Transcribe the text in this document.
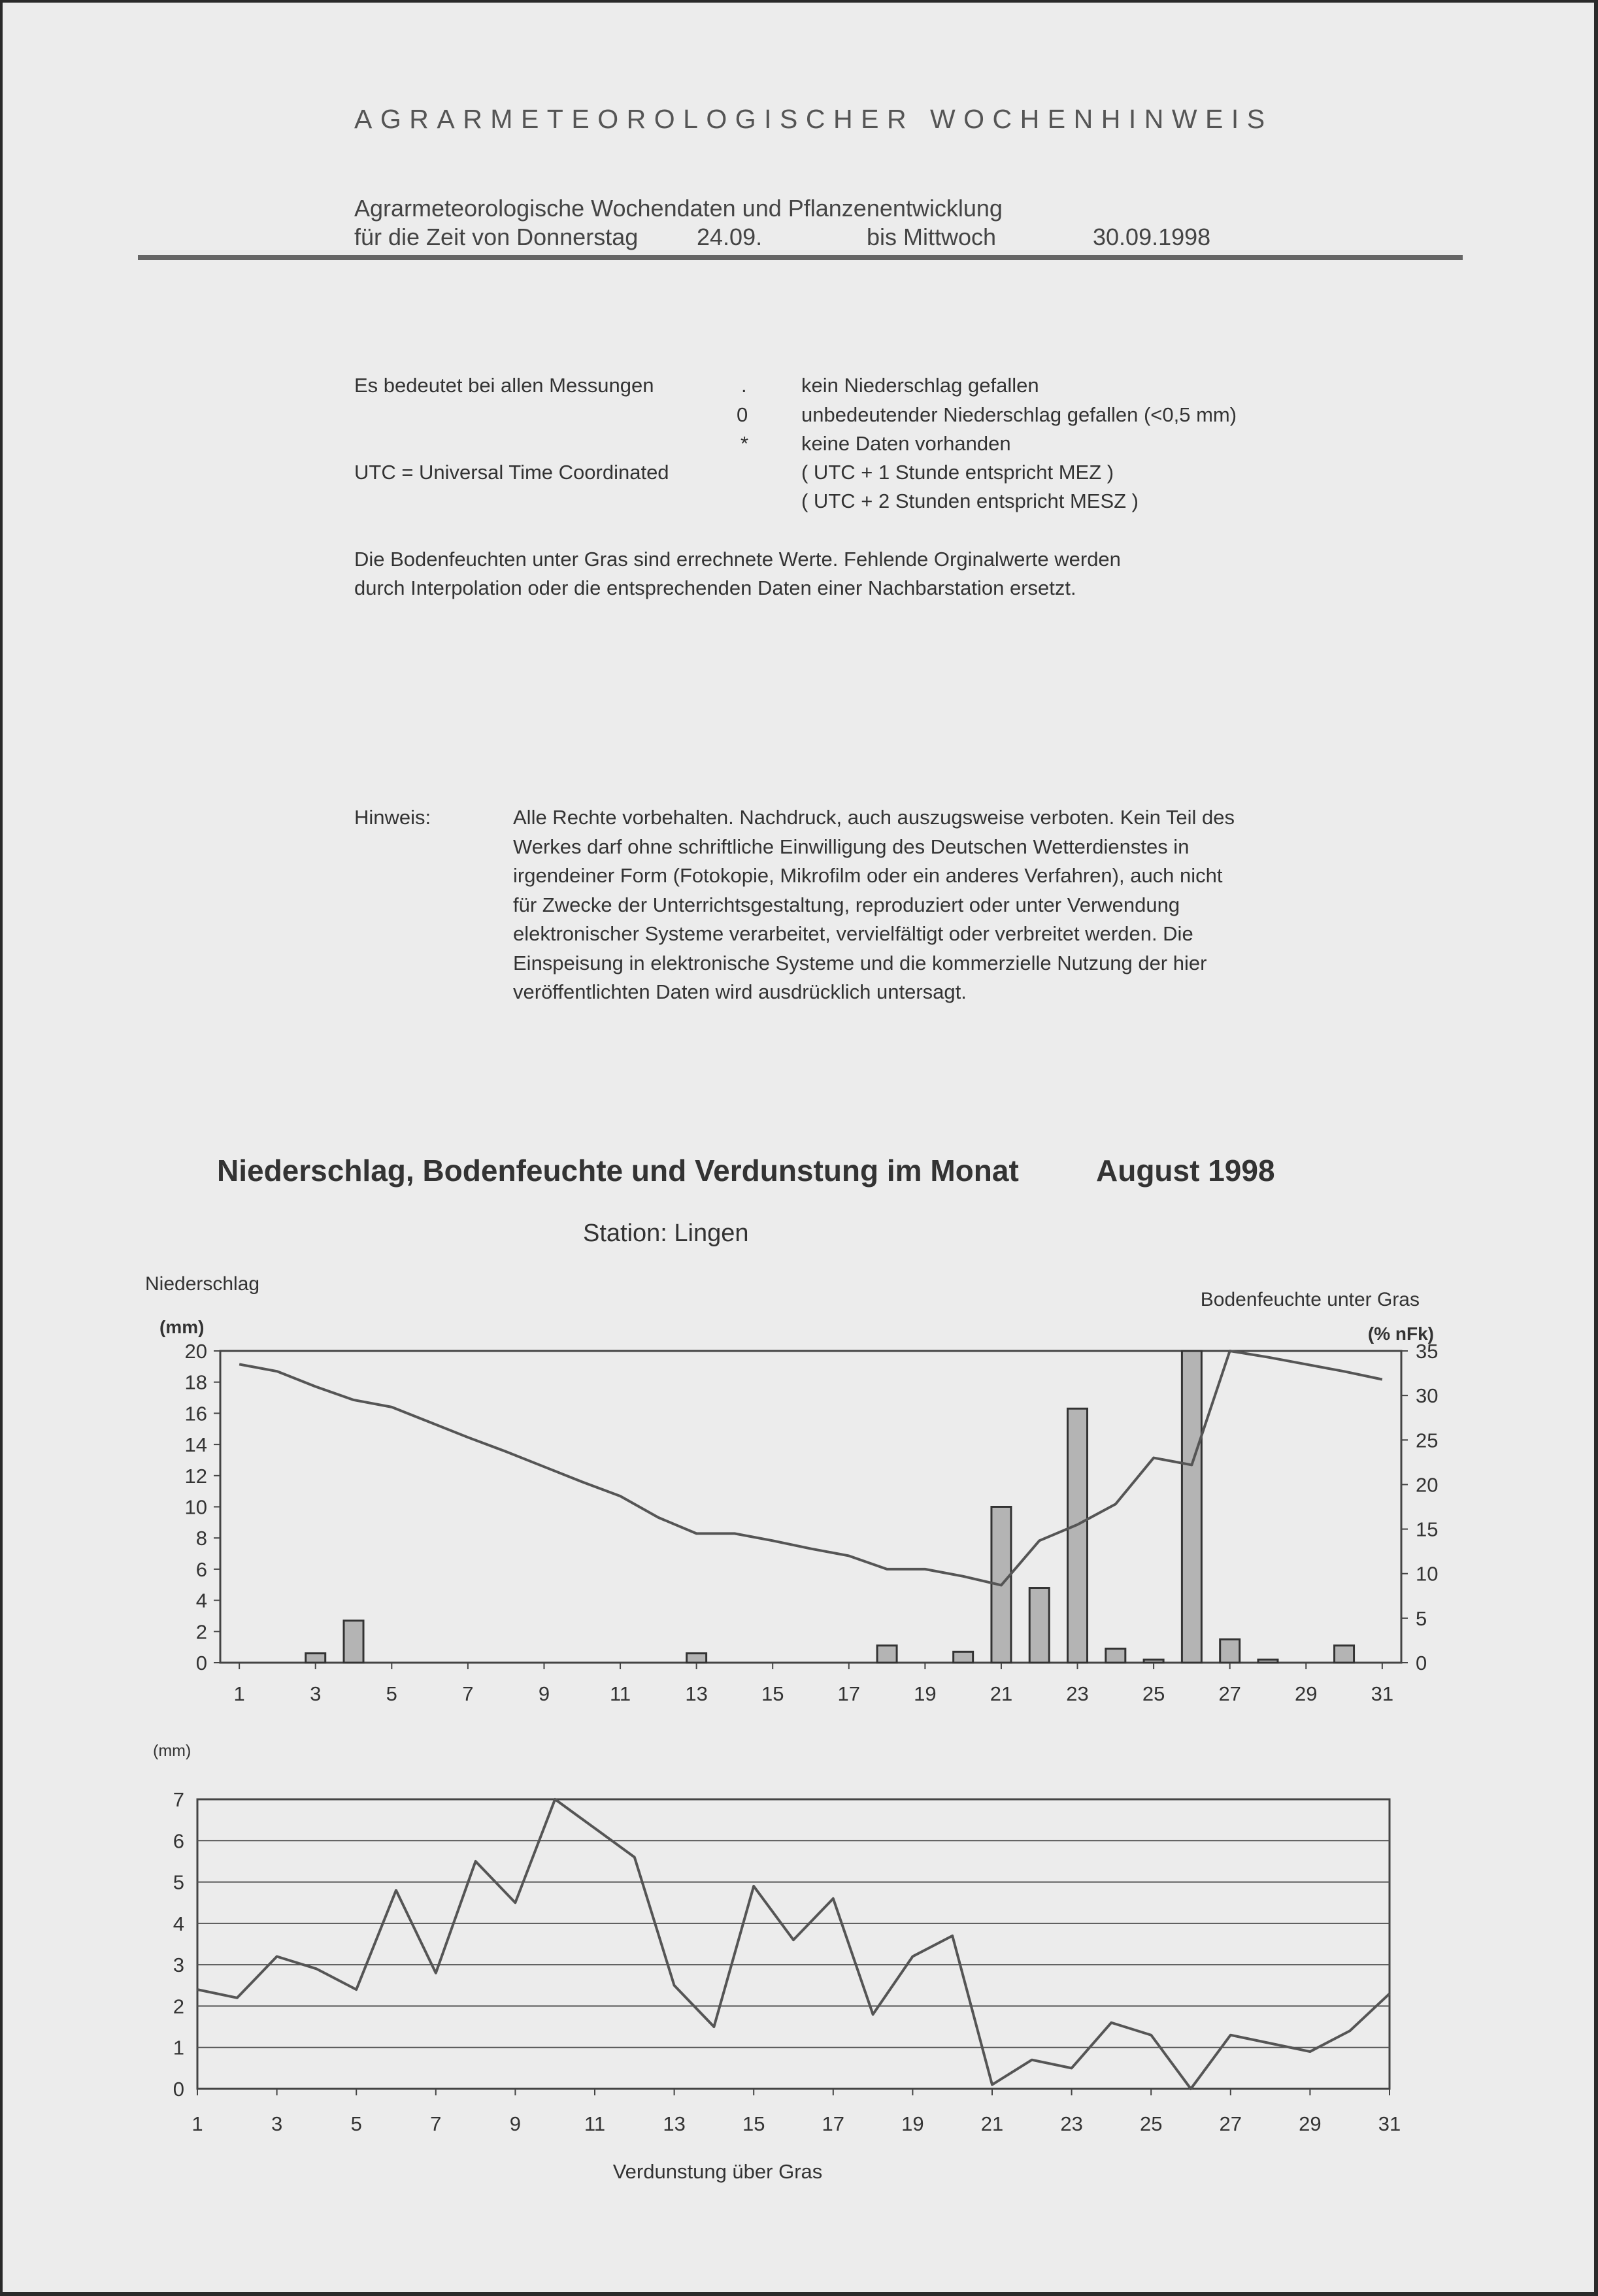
AGRARMETEOROLOGISCHER WOCHENHINWEIS
Agrarmeteorologische Wochendaten und Pflanzenentwicklung
für die Zeit von Donnerstag 24.09.	bis Mittwoch	30.09.1998
Es bedeutet bei allen Messungen	.	kein Niederschlag gefallen
0	unbedeutender Niederschlag gefallen (<0,5 mm)
*	keine Daten vorhanden
UTC = Universal Time Coordinated	( UTC + 1 Stunde entspricht MEZ )
( UTC + 2 Stunden entspricht MESZ )
Die Bodenfeuchten unter Gras sind errechnete Werte. Fehlende Orginalwerte werden
durch Interpolation oder die entsprechenden Daten einer Nachbarstation ersetzt.
Hinweis:	Alle Rechte vorbehalten. Nachdruck, auch auszugsweise verboten. Kein Teil des Werkes darf ohne schriftliche Einwilligung des Deutschen Wetterdienstes in irgendeiner Form (Fotokopie, Mikrofilm oder ein anderes Verfahren), auch nicht für Zwecke der Unterrichtsgestaltung, reproduziert oder unter Verwendung elektronischer Systeme verarbeitet, vervielfältigt oder verbreitet werden. Die Einspeisung in elektronische Systeme und die kommerzielle Nutzung der hier veröffentlichten Daten wird ausdrücklich untersagt.
Niederschlag, Bodenfeuchte und Verdunstung im Monat	August 1998
Station: Lingen
Niederschlag
(mm)
Bodenfeuchte unter Gras
(% nFk)
0
2
4
6
8
10
12
14
16
18
20
0
5
10
15
20
25
30
35
1	3	5	7	9	11	13	15	17	19	21	23	25	27	29	31
(mm)
Verdunstung über Gras
0
1
2
3
4
5
6
7
1	3	5	7	9	11	13	15	17	19	21	23	25	27	29	31
